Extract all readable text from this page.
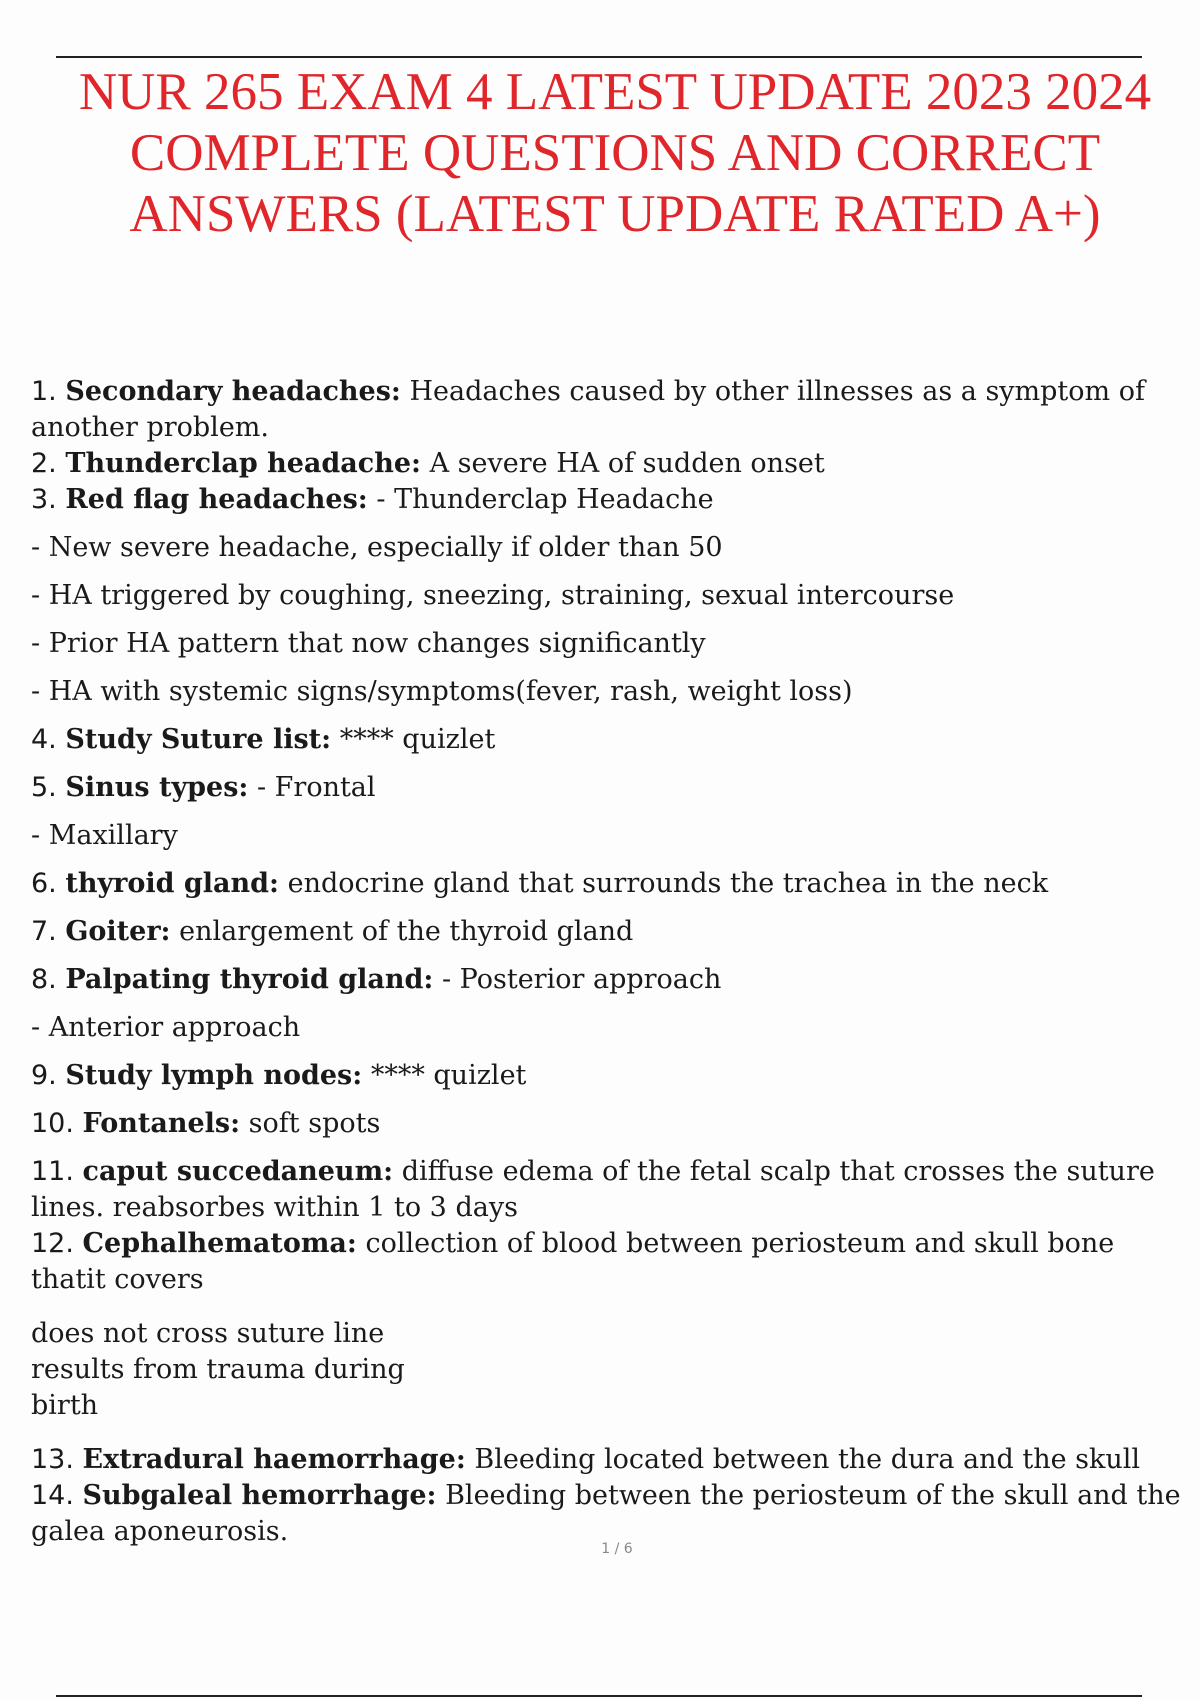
NUR 265 EXAM 4 LATEST UPDATE 2023 2024
COMPLETE QUESTIONS AND CORRECT
ANSWERS (LATEST UPDATE RATED A+)
1. Secondary headaches: Headaches caused by other illnesses as a symptom of another problem.
2. Thunderclap headache: A severe HA of sudden onset
3. Red flag headaches: - Thunderclap Headache
- New severe headache, especially if older than 50
- HA triggered by coughing, sneezing, straining, sexual intercourse
- Prior HA pattern that now changes significantly
- HA with systemic signs/symptoms(fever, rash, weight loss)
4. Study Suture list: **** quizlet
5. Sinus types: - Frontal
- Maxillary
6. thyroid gland: endocrine gland that surrounds the trachea in the neck
7. Goiter: enlargement of the thyroid gland
8. Palpating thyroid gland: - Posterior approach
- Anterior approach
9. Study lymph nodes: **** quizlet
10. Fontanels: soft spots
11. caput succedaneum: diffuse edema of the fetal scalp that crosses the suture lines. reabsorbes within 1 to 3 days
12. Cephalhematoma: collection of blood between periosteum and skull bone thatit covers
does not cross suture line
results from trauma during
birth
13. Extradural haemorrhage: Bleeding located between the dura and the skull
14. Subgaleal hemorrhage: Bleeding between the periosteum of the skull and the galea aponeurosis.
1 / 6
